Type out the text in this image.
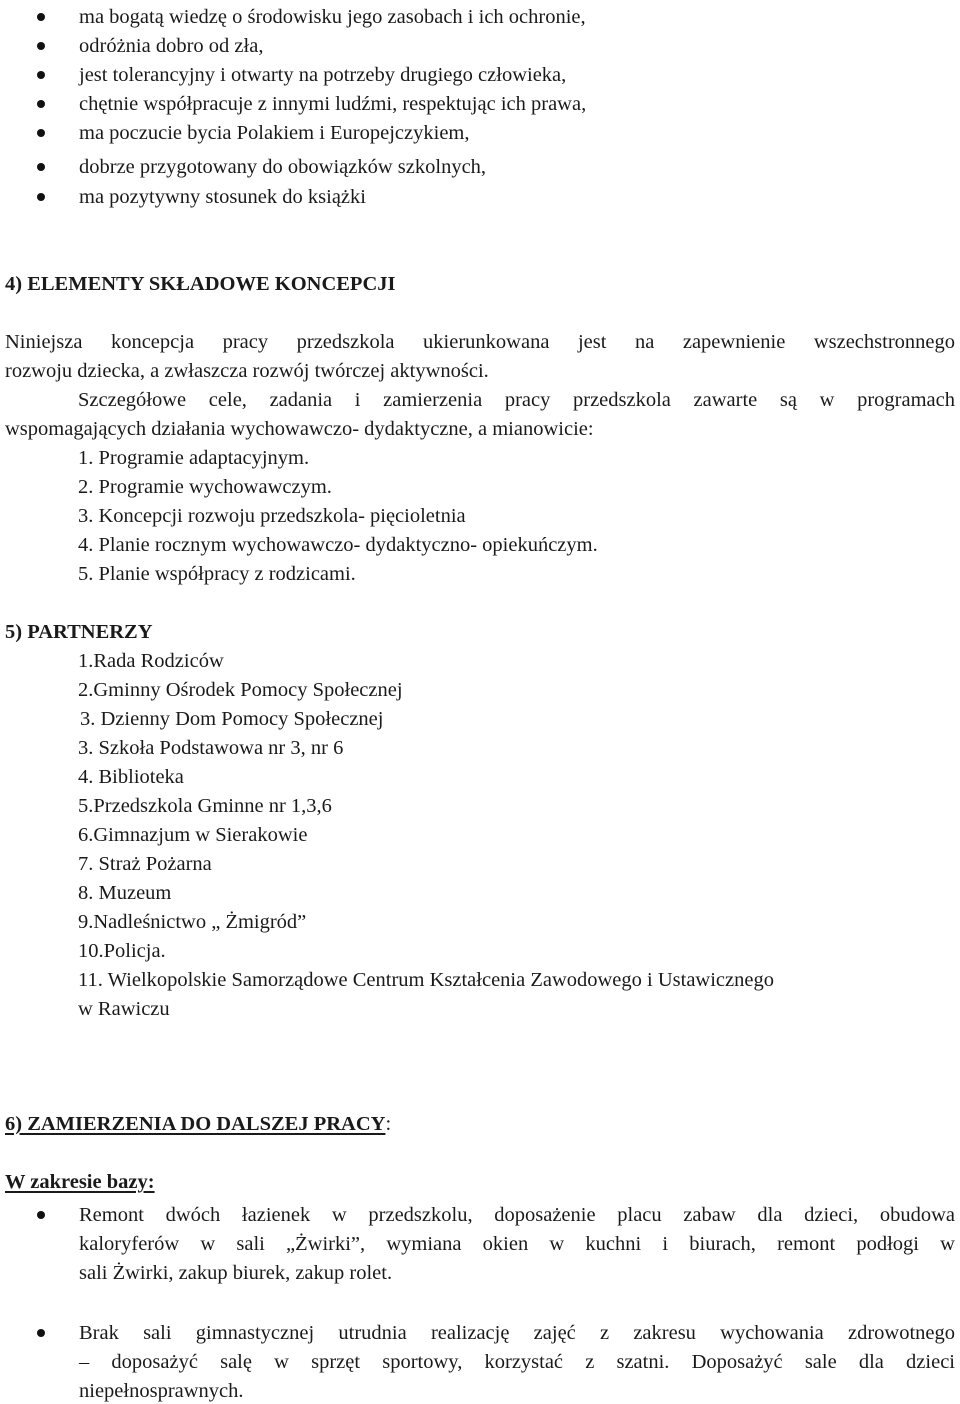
ma bogatą wiedzę o środowisku jego zasobach i ich ochronie,
odróżnia dobro od zła,
jest tolerancyjny i otwarty na potrzeby drugiego człowieka,
chętnie współpracuje z innymi ludźmi, respektując ich prawa,
ma poczucie bycia Polakiem i Europejczykiem,
dobrze przygotowany do obowiązków szkolnych,
ma pozytywny stosunek do książki
4) ELEMENTY SKŁADOWE KONCEPCJI
Niniejsza koncepcja pracy przedszkola ukierunkowana jest na zapewnienie wszechstronnego
rozwoju dziecka, a zwłaszcza rozwój twórczej aktywności.
Szczegółowe cele, zadania i zamierzenia pracy przedszkola zawarte są w programach
wspomagających działania wychowawczo- dydaktyczne, a mianowicie:
1. Programie adaptacyjnym.
2. Programie wychowawczym.
3. Koncepcji rozwoju przedszkola- pięcioletnia
4. Planie rocznym wychowawczo- dydaktyczno- opiekuńczym.
5. Planie współpracy z rodzicami.
5) PARTNERZY
1.Rada Rodziców
2.Gminny Ośrodek Pomocy Społecznej
3. Dzienny Dom Pomocy Społecznej
3. Szkoła Podstawowa nr 3, nr 6
4. Biblioteka
5.Przedszkola Gminne nr 1,3,6
6.Gimnazjum w Sierakowie
7. Straż Pożarna
8. Muzeum
9.Nadleśnictwo „ Żmigród”
10.Policja.
11. Wielkopolskie Samorządowe Centrum Kształcenia Zawodowego i Ustawicznego
w Rawiczu
6) ZAMIERZENIA DO DALSZEJ PRACY:
W zakresie bazy:
Remont dwóch łazienek w przedszkolu, doposażenie placu zabaw dla dzieci, obudowa
kaloryferów w sali „Żwirki”, wymiana okien w kuchni i biurach, remont podłogi w
sali Żwirki, zakup biurek, zakup rolet.
Brak sali gimnastycznej utrudnia realizację zajęć z zakresu wychowania zdrowotnego
– doposażyć salę w sprzęt sportowy, korzystać z szatni. Doposażyć sale dla dzieci
niepełnosprawnych.
